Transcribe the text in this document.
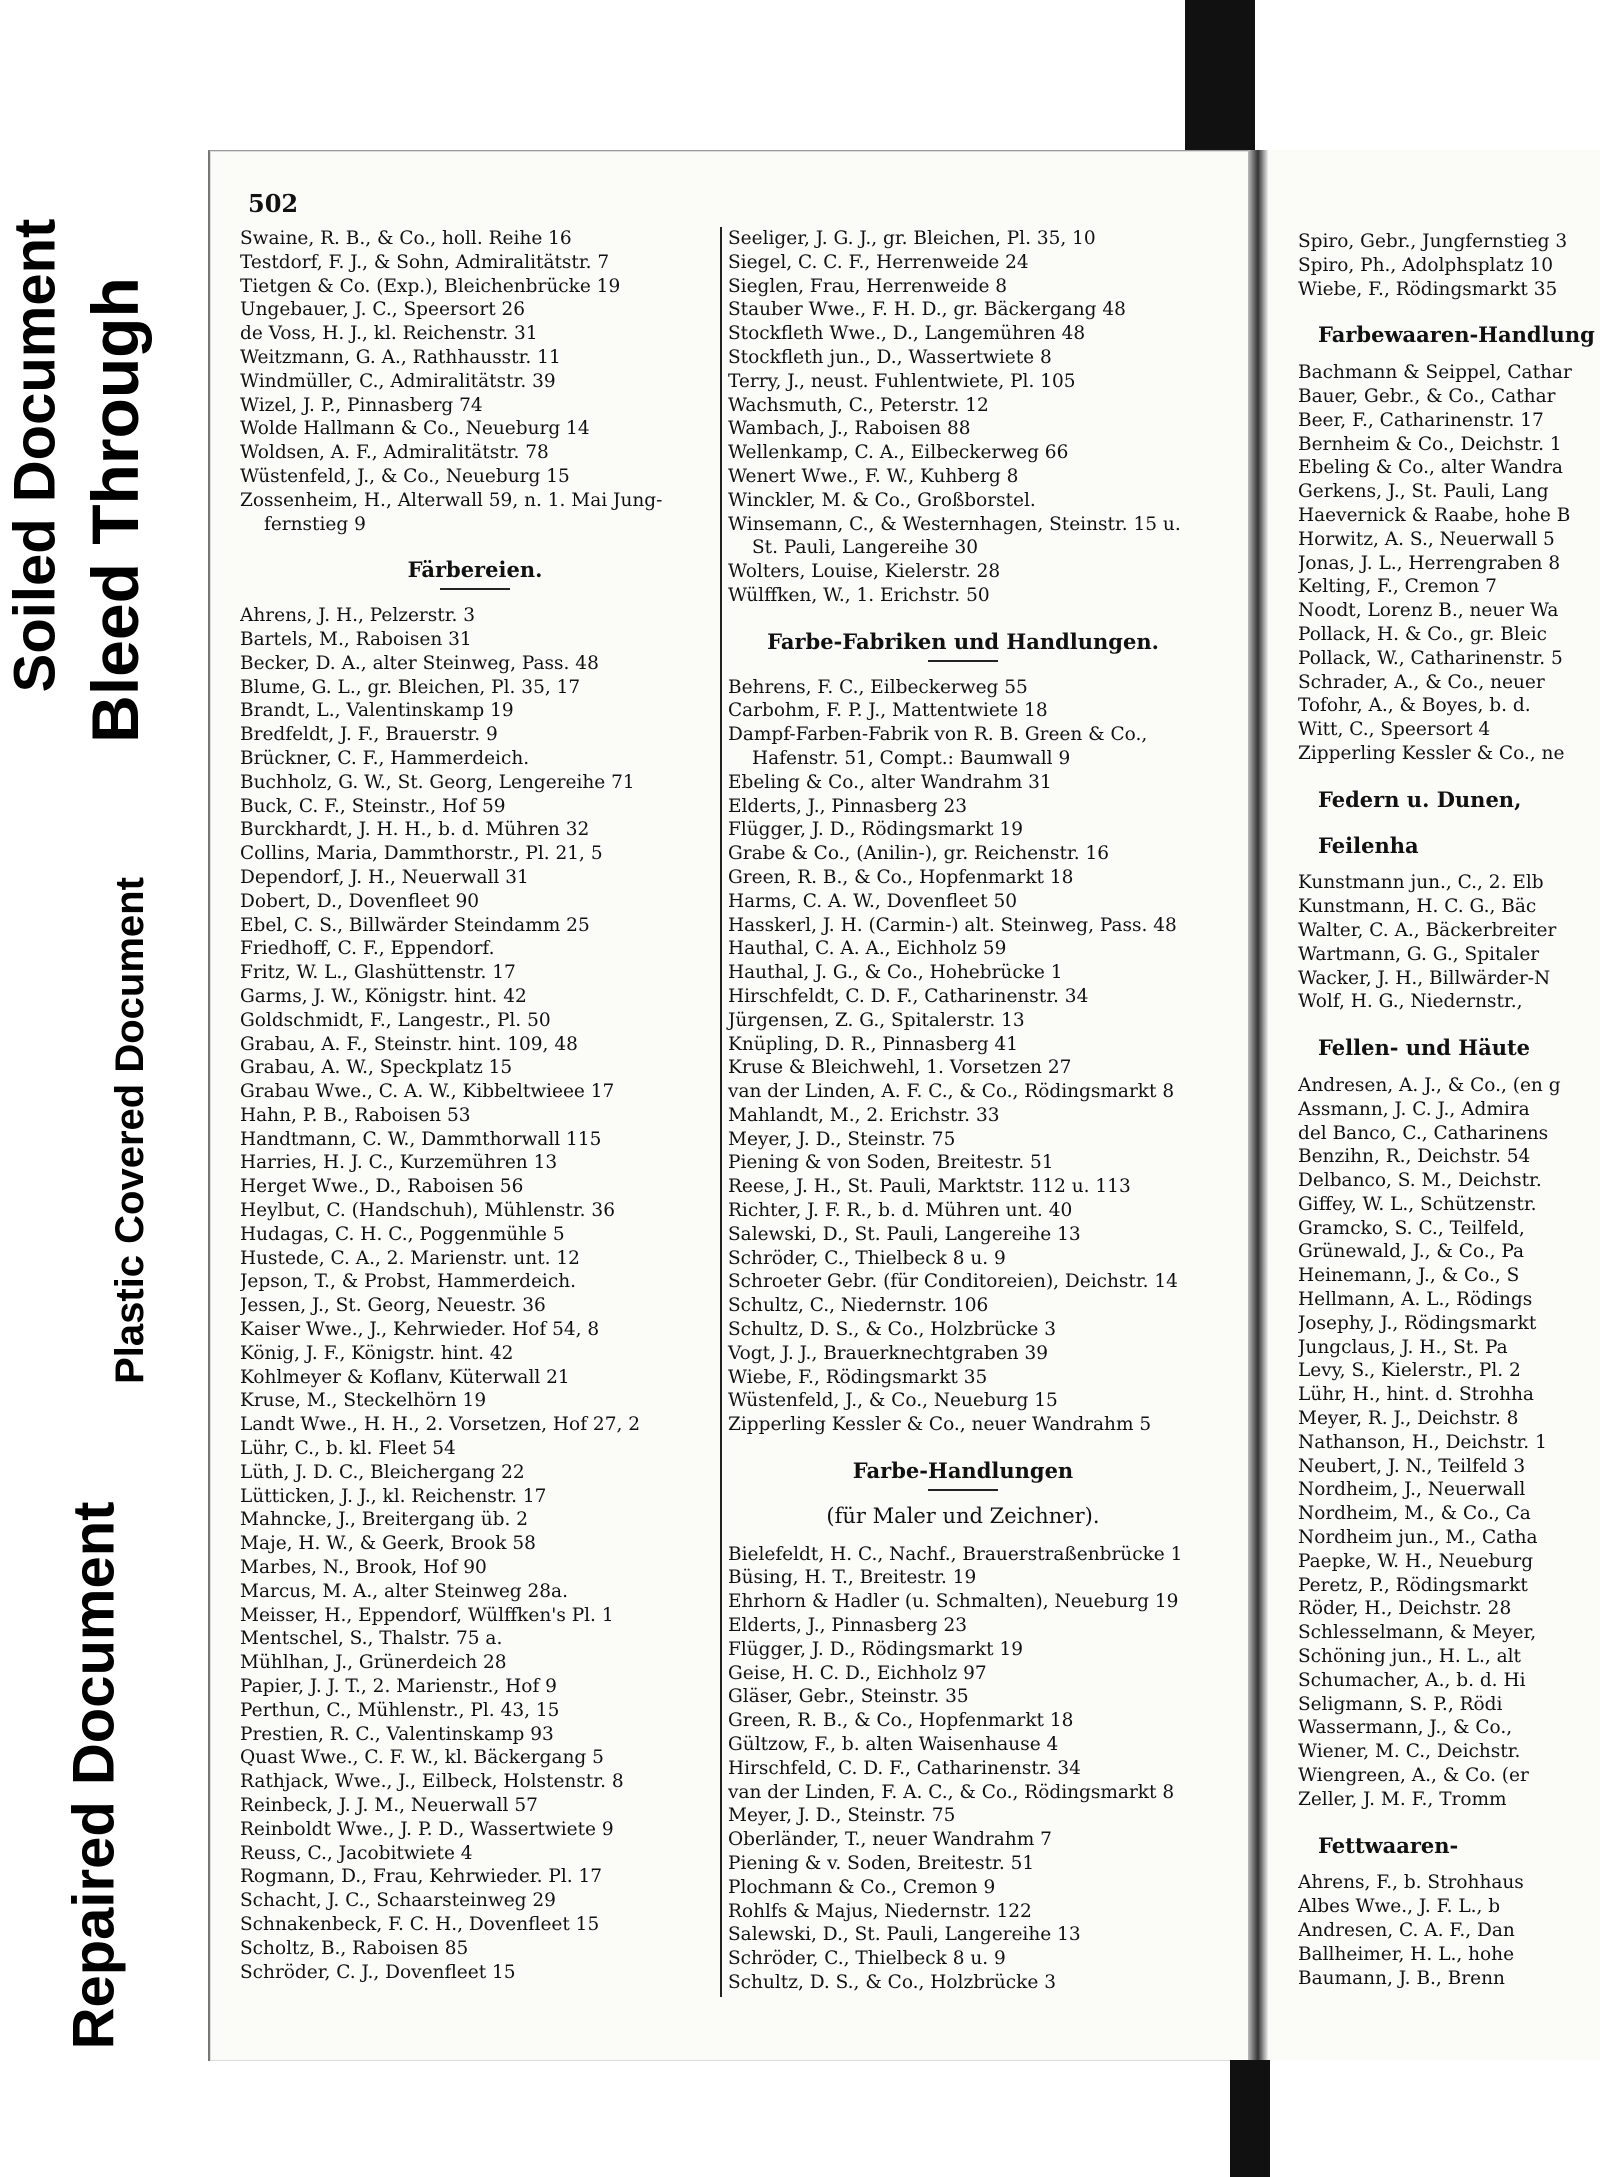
Soiled Document Bleed Through
Plastic Covered Document
Repaired Document
502
Swaine, R. B., & Co., holl. Reihe 16
Testdorf, F. J., & Sohn, Admiralitätstr. 7
Tietgen & Co. (Exp.), Bleichenbrücke 19
Ungebauer, J. C., Speersort 26
de Voss, H. J., kl. Reichenstr. 31
Weitzmann, G. A., Rathhausstr. 11
Windmüller, C., Admiralitätstr. 39
Wizel, J. P., Pinnasberg 74
Wolde Hallmann & Co., Neueburg 14
Woldsen, A. F., Admiralitätstr. 78
Wüstenfeld, J., & Co., Neueburg 15
Zossenheim, H., Alterwall 59, n. 1. Mai Jung-
fernstieg 9
Färbereien.
Ahrens, J. H., Pelzerstr. 3
Bartels, M., Raboisen 31
Becker, D. A., alter Steinweg, Pass. 48
Blume, G. L., gr. Bleichen, Pl. 35, 17
Brandt, L., Valentinskamp 19
Bredfeldt, J. F., Brauerstr. 9
Brückner, C. F., Hammerdeich.
Buchholz, G. W., St. Georg, Lengereihe 71
Buck, C. F., Steinstr., Hof 59
Burckhardt, J. H. H., b. d. Mühren 32
Collins, Maria, Dammthorstr., Pl. 21, 5
Dependorf, J. H., Neuerwall 31
Dobert, D., Dovenfleet 90
Ebel, C. S., Billwärder Steindamm 25
Friedhoff, C. F., Eppendorf.
Fritz, W. L., Glashüttenstr. 17
Garms, J. W., Königstr. hint. 42
Goldschmidt, F., Langestr., Pl. 50
Grabau, A. F., Steinstr. hint. 109, 48
Grabau, A. W., Speckplatz 15
Grabau Wwe., C. A. W., Kibbeltwieee 17
Hahn, P. B., Raboisen 53
Handtmann, C. W., Dammthorwall 115
Harries, H. J. C., Kurzemühren 13
Herget Wwe., D., Raboisen 56
Heylbut, C. (Handschuh), Mühlenstr. 36
Hudagas, C. H. C., Poggenmühle 5
Hustede, C. A., 2. Marienstr. unt. 12
Jepson, T., & Probst, Hammerdeich.
Jessen, J., St. Georg, Neuestr. 36
Kaiser Wwe., J., Kehrwieder. Hof 54, 8
König, J. F., Königstr. hint. 42
Kohlmeyer & Koflanv, Küterwall 21
Kruse, M., Steckelhörn 19
Landt Wwe., H. H., 2. Vorsetzen, Hof 27, 2
Lühr, C., b. kl. Fleet 54
Lüth, J. D. C., Bleichergang 22
Lütticken, J. J., kl. Reichenstr. 17
Mahncke, J., Breitergang üb. 2
Maje, H. W., & Geerk, Brook 58
Marbes, N., Brook, Hof 90
Marcus, M. A., alter Steinweg 28a.
Meisser, H., Eppendorf, Wülffken's Pl. 1
Mentschel, S., Thalstr. 75 a.
Mühlhan, J., Grünerdeich 28
Papier, J. J. T., 2. Marienstr., Hof 9
Perthun, C., Mühlenstr., Pl. 43, 15
Prestien, R. C., Valentinskamp 93
Quast Wwe., C. F. W., kl. Bäckergang 5
Rathjack, Wwe., J., Eilbeck, Holstenstr. 8
Reinbeck, J. J. M., Neuerwall 57
Reinboldt Wwe., J. P. D., Wassertwiete 9
Reuss, C., Jacobitwiete 4
Rogmann, D., Frau, Kehrwieder. Pl. 17
Schacht, J. C., Schaarsteinweg 29
Schnakenbeck, F. C. H., Dovenfleet 15
Scholtz, B., Raboisen 85
Schröder, C. J., Dovenfleet 15
Seeliger, J. G. J., gr. Bleichen, Pl. 35, 10
Siegel, C. C. F., Herrenweide 24
Sieglen, Frau, Herrenweide 8
Stauber Wwe., F. H. D., gr. Bäckergang 48
Stockfleth Wwe., D., Langemühren 48
Stockfleth jun., D., Wassertwiete 8
Terry, J., neust. Fuhlentwiete, Pl. 105
Wachsmuth, C., Peterstr. 12
Wambach, J., Raboisen 88
Wellenkamp, C. A., Eilbeckerweg 66
Wenert Wwe., F. W., Kuhberg 8
Winckler, M. & Co., Großborstel.
Winsemann, C., & Westernhagen, Steinstr. 15 u.
St. Pauli, Langereihe 30
Wolters, Louise, Kielerstr. 28
Wülffken, W., 1. Erichstr. 50
Farbe-Fabriken und Handlungen.
Behrens, F. C., Eilbeckerweg 55
Carbohm, F. P. J., Mattentwiete 18
Dampf-Farben-Fabrik von R. B. Green & Co.,
Hafenstr. 51, Compt.: Baumwall 9
Ebeling & Co., alter Wandrahm 31
Elderts, J., Pinnasberg 23
Flügger, J. D., Rödingsmarkt 19
Grabe & Co., (Anilin-), gr. Reichenstr. 16
Green, R. B., & Co., Hopfenmarkt 18
Harms, C. A. W., Dovenfleet 50
Hasskerl, J. H. (Carmin-) alt. Steinweg, Pass. 48
Hauthal, C. A. A., Eichholz 59
Hauthal, J. G., & Co., Hohebrücke 1
Hirschfeldt, C. D. F., Catharinenstr. 34
Jürgensen, Z. G., Spitalerstr. 13
Knüpling, D. R., Pinnasberg 41
Kruse & Bleichwehl, 1. Vorsetzen 27
van der Linden, A. F. C., & Co., Rödingsmarkt 8
Mahlandt, M., 2. Erichstr. 33
Meyer, J. D., Steinstr. 75
Piening & von Soden, Breitestr. 51
Reese, J. H., St. Pauli, Marktstr. 112 u. 113
Richter, J. F. R., b. d. Mühren unt. 40
Salewski, D., St. Pauli, Langereihe 13
Schröder, C., Thielbeck 8 u. 9
Schroeter Gebr. (für Conditoreien), Deichstr. 14
Schultz, C., Niedernstr. 106
Schultz, D. S., & Co., Holzbrücke 3
Vogt, J. J., Brauerknechtgraben 39
Wiebe, F., Rödingsmarkt 35
Wüstenfeld, J., & Co., Neueburg 15
Zipperling Kessler & Co., neuer Wandrahm 5
Farbe-Handlungen
(für Maler und Zeichner).
Bielefeldt, H. C., Nachf., Brauerstraßenbrücke 1
Büsing, H. T., Breitestr. 19
Ehrhorn & Hadler (u. Schmalten), Neueburg 19
Elderts, J., Pinnasberg 23
Flügger, J. D., Rödingsmarkt 19
Geise, H. C. D., Eichholz 97
Gläser, Gebr., Steinstr. 35
Green, R. B., & Co., Hopfenmarkt 18
Gültzow, F., b. alten Waisenhause 4
Hirschfeld, C. D. F., Catharinenstr. 34
van der Linden, F. A. C., & Co., Rödingsmarkt 8
Meyer, J. D., Steinstr. 75
Oberländer, T., neuer Wandrahm 7
Piening & v. Soden, Breitestr. 51
Plochmann & Co., Cremon 9
Rohlfs & Majus, Niedernstr. 122
Salewski, D., St. Pauli, Langereihe 13
Schröder, C., Thielbeck 8 u. 9
Schultz, D. S., & Co., Holzbrücke 3
Spiro, Gebr., Jungfernstieg 3
Spiro, Ph., Adolphsplatz 10
Wiebe, F., Rödingsmarkt 35
Farbewaaren-Handlung
Bachmann & Seippel, Cathar
Bauer, Gebr., & Co., Cathar
Beer, F., Catharinenstr. 17
Bernheim & Co., Deichstr. 1
Ebeling & Co., alter Wandra
Gerkens, J., St. Pauli, Lang
Haevernick & Raabe, hohe B
Horwitz, A. S., Neuerwall 5
Jonas, J. L., Herrengraben 8
Kelting, F., Cremon 7
Noodt, Lorenz B., neuer Wa
Pollack, H. & Co., gr. Bleic
Pollack, W., Catharinenstr. 5
Schrader, A., & Co., neuer
Tofohr, A., & Boyes, b. d.
Witt, C., Speersort 4
Zipperling Kessler & Co., ne
Federn u. Dunen,
Feilenha
Kunstmann jun., C., 2. Elb
Kunstmann, H. C. G., Bäc
Walter, C. A., Bäckerbreiter
Wartmann, G. G., Spitaler
Wacker, J. H., Billwärder-N
Wolf, H. G., Niedernstr.,
Fellen- und Häute
Andresen, A. J., & Co., (en g
Assmann, J. C. J., Admira
del Banco, C., Catharinens
Benzihn, R., Deichstr. 54
Delbanco, S. M., Deichstr.
Giffey, W. L., Schützenstr.
Gramcko, S. C., Teilfeld,
Grünewald, J., & Co., Pa
Heinemann, J., & Co., S
Hellmann, A. L., Rödings
Josephy, J., Rödingsmarkt
Jungclaus, J. H., St. Pa
Levy, S., Kielerstr., Pl. 2
Lühr, H., hint. d. Strohha
Meyer, R. J., Deichstr. 8
Nathanson, H., Deichstr. 1
Neubert, J. N., Teilfeld 3
Nordheim, J., Neuerwall
Nordheim, M., & Co., Ca
Nordheim jun., M., Catha
Paepke, W. H., Neueburg
Peretz, P., Rödingsmarkt
Röder, H., Deichstr. 28
Schlesselmann, & Meyer,
Schöning jun., H. L., alt
Schumacher, A., b. d. Hi
Seligmann, S. P., Rödi
Wassermann, J., & Co.,
Wiener, M. C., Deichstr.
Wiengreen, A., & Co. (er
Zeller, J. M. F., Tromm
Fettwaaren-
Ahrens, F., b. Strohhaus
Albes Wwe., J. F. L., b
Andresen, C. A. F., Dan
Ballheimer, H. L., hohe
Baumann, J. B., Brenn
